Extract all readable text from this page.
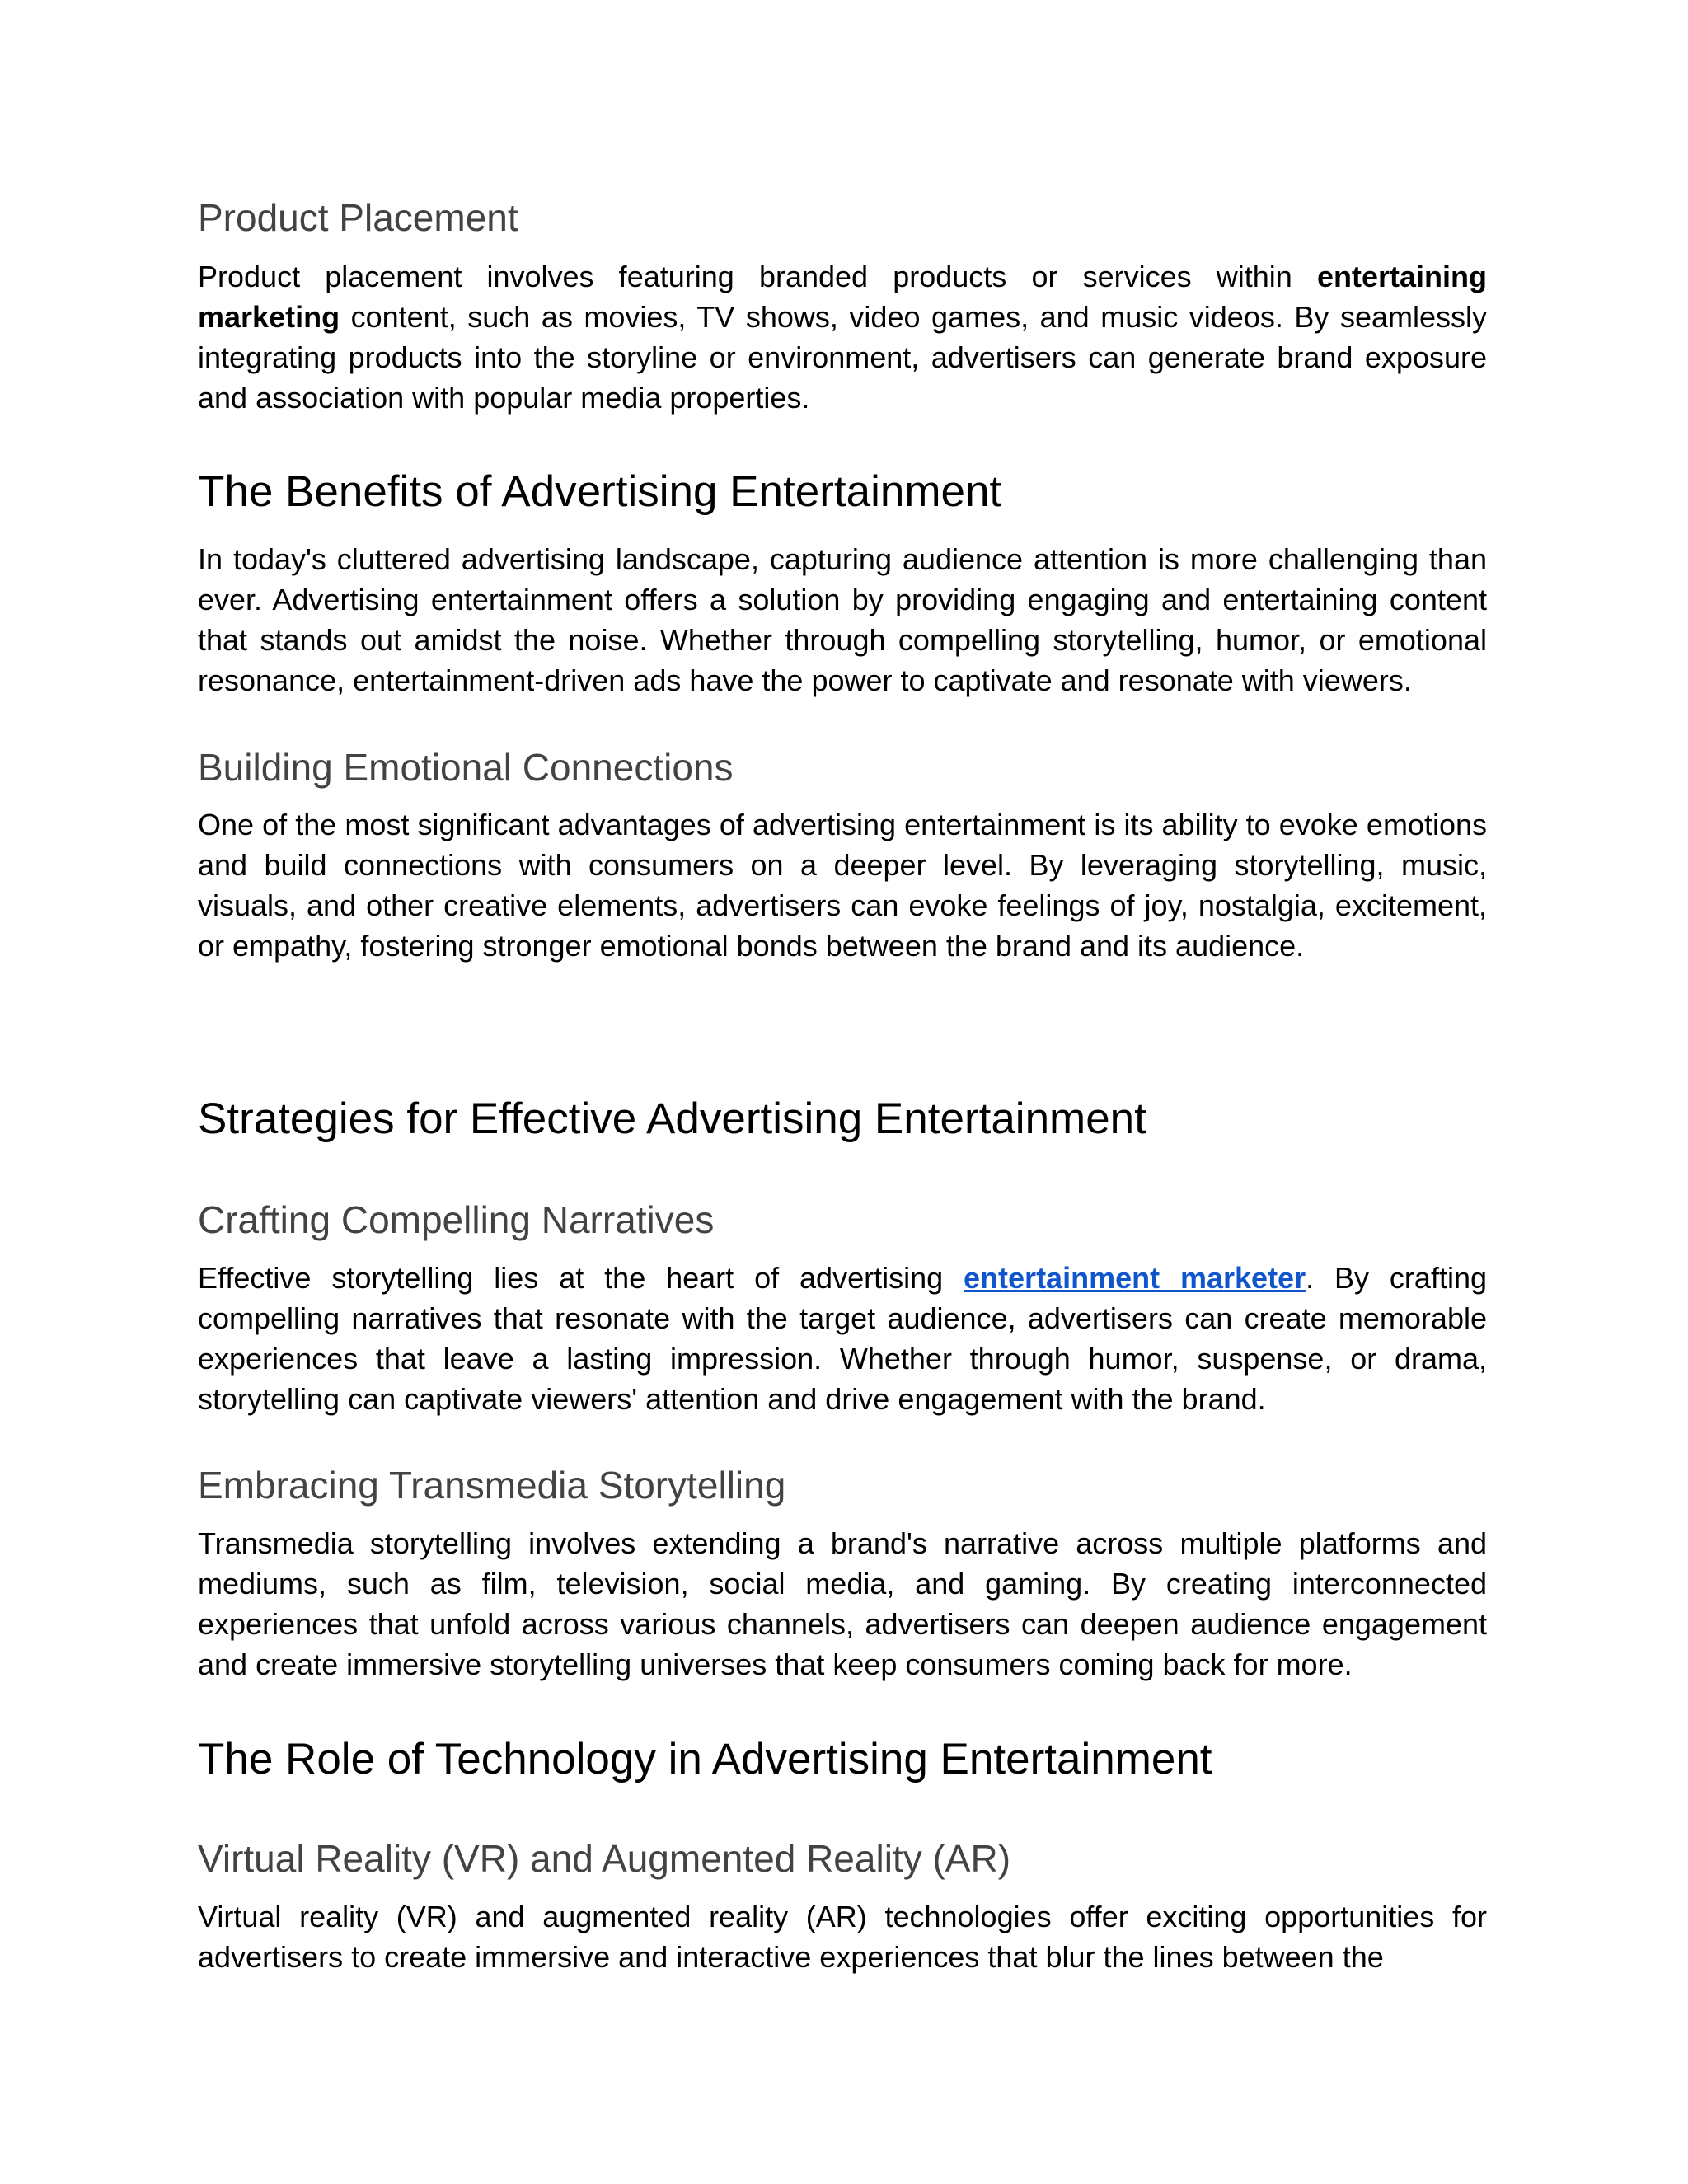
Product Placement

Product placement involves featuring branded products or services within entertaining marketing content, such as movies, TV shows, video games, and music videos. By seamlessly integrating products into the storyline or environment, advertisers can generate brand exposure and association with popular media properties.

The Benefits of Advertising Entertainment

In today's cluttered advertising landscape, capturing audience attention is more challenging than ever. Advertising entertainment offers a solution by providing engaging and entertaining content that stands out amidst the noise. Whether through compelling storytelling, humor, or emotional resonance, entertainment-driven ads have the power to captivate and resonate with viewers.

Building Emotional Connections

One of the most significant advantages of advertising entertainment is its ability to evoke emotions and build connections with consumers on a deeper level. By leveraging storytelling, music, visuals, and other creative elements, advertisers can evoke feelings of joy, nostalgia, excitement, or empathy, fostering stronger emotional bonds between the brand and its audience.

Strategies for Effective Advertising Entertainment
Crafting Compelling Narratives

Effective storytelling lies at the heart of advertising entertainment marketer. By crafting compelling narratives that resonate with the target audience, advertisers can create memorable experiences that leave a lasting impression. Whether through humor, suspense, or drama, storytelling can captivate viewers' attention and drive engagement with the brand.

Embracing Transmedia Storytelling

Transmedia storytelling involves extending a brand's narrative across multiple platforms and mediums, such as film, television, social media, and gaming. By creating interconnected experiences that unfold across various channels, advertisers can deepen audience engagement and create immersive storytelling universes that keep consumers coming back for more.

The Role of Technology in Advertising Entertainment
Virtual Reality (VR) and Augmented Reality (AR)

Virtual reality (VR) and augmented reality (AR) technologies offer exciting opportunities for advertisers to create immersive and interactive experiences that blur the lines between the
